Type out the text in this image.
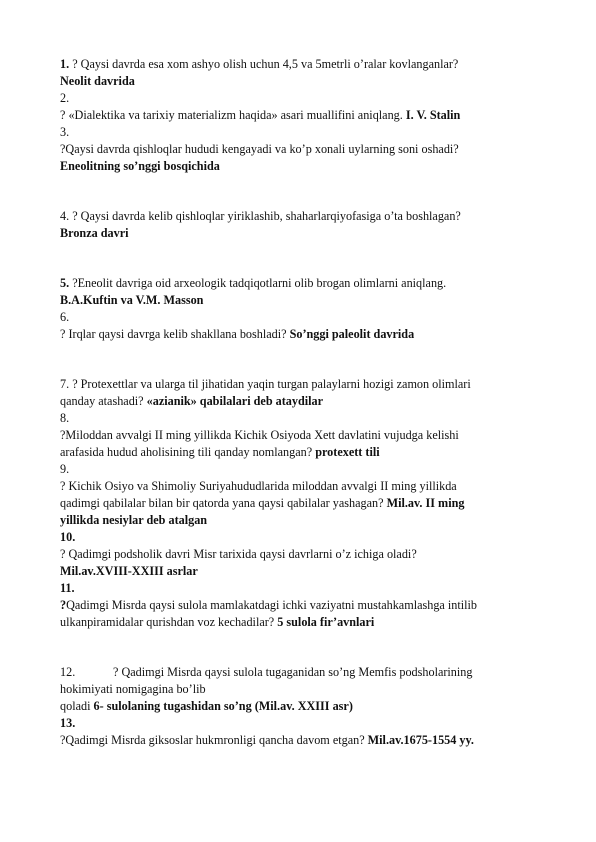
1. ? Qaysi davrda esa xom ashyo olish uchun 4,5 va 5metrli o’ralar kovlanganlar?
Neolit davrida
2.
? «Dialektika va tarixiy materializm haqida» asari muallifini aniqlang. I. V. Stalin
3.
?Qaysi davrda qishloqlar hududi kengayadi va ko’p xonali uylarning soni oshadi?
Eneolitning so’nggi bosqichida
4. ? Qaysi davrda kelib qishloqlar yiriklashib, shaharlarqiyofasiga o’ta boshlagan?
Bronza davri
5. ?Eneolit davriga oid arxeologik tadqiqotlarni olib brogan olimlarni aniqlang.
B.A.Kuftin va V.M. Masson
6.
? Irqlar qaysi davrga kelib shakllana boshladi? So’nggi paleolit davrida
7. ? Protexettlar va ularga til jihatidan yaqin turgan palaylarni hozigi zamon olimlari
qanday atashadi? «azianik» qabilalari deb ataydilar
8.
?Miloddan avvalgi II ming yillikda Kichik Osiyoda Xett davlatini vujudga kelishi
arafasida hudud aholisining tili qanday nomlangan? protexett tili
9.
? Kichik Osiyo va Shimoliy Suriyahududlarida miloddan avvalgi II ming yillikda
qadimgi qabilalar bilan bir qatorda yana qaysi qabilalar yashagan? Mil.av. II ming
yillikda nesiylar deb atalgan
10.
? Qadimgi podsholik davri Misr tarixida qaysi davrlarni o’z ichiga oladi?
Mil.av.XVIII-XXIII asrlar
11.
?Qadimgi Misrda qaysi sulola mamlakatdagi ichki vaziyatni mustahkamlashga intilib
ulkanpiramidalar qurishdan voz kechadilar? 5 sulola fir’avnlari
12.	? Qadimgi Misrda qaysi sulola tugaganidan so’ng Memfis podsholarining
hokimiyati nomigagina bo’lib
qoladi 6- sulolaning tugashidan so’ng (Mil.av. XXIII asr)
13.
?Qadimgi Misrda giksoslar hukmronligi qancha davom etgan? Mil.av.1675-1554 yy.
